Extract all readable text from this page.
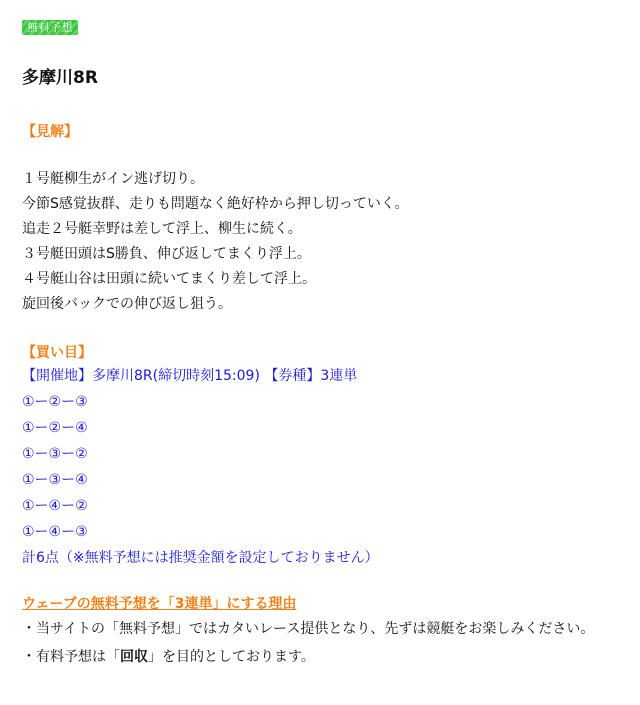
無料予想
多摩川8R
【見解】
１号艇柳生がイン逃げ切り。
今節S感覚抜群、走りも問題なく絶好枠から押し切っていく。
追走２号艇幸野は差して浮上、柳生に続く。
３号艇田頭はS勝負、伸び返してまくり浮上。
４号艇山谷は田頭に続いてまくり差して浮上。
旋回後バックでの伸び返し狙う。
【買い目】
【開催地】多摩川8R(締切時刻15:09) 【券種】3連単
①ー②ー③
①ー②ー④
①ー③ー②
①ー③ー④
①ー④ー②
①ー④ー③
計6点（※無料予想には推奨金額を設定しておりません）
ウェーブの無料予想を「3連単」にする理由
・当サイトの「無料予想」ではカタいレース提供となり、先ずは競艇をお楽しみください。
・有料予想は「回収」を目的としております。
